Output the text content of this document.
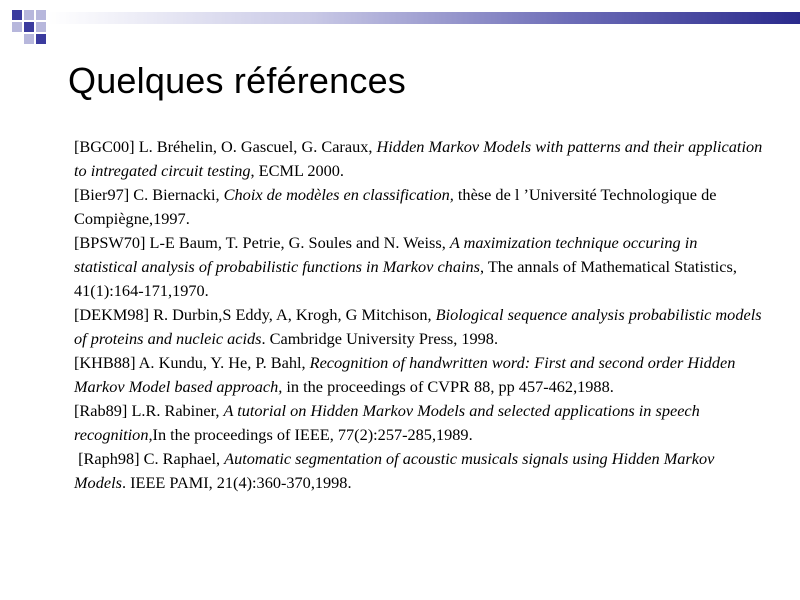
Quelques références

[BGC00] L. Bréhelin, O. Gascuel, G. Caraux, Hidden Markov Models with patterns and their application to intregated circuit testing, ECML 2000.

[Bier97] C. Biernacki, Choix de modèles en classification, thèse de l ’Université Technologique de Compiègne,1997.

[BPSW70] L-E Baum, T. Petrie, G. Soules and N. Weiss, A maximization technique occuring in statistical analysis of probabilistic functions in Markov chains, The annals of Mathematical Statistics, 41(1):164-171,1970.

[DEKM98] R. Durbin,S Eddy, A, Krogh, G Mitchison, Biological sequence analysis probabilistic models of proteins and nucleic acids. Cambridge University Press, 1998.

[KHB88] A. Kundu, Y. He, P. Bahl, Recognition of handwritten word: First and second order Hidden Markov Model based approach, in the proceedings of CVPR 88, pp 457-462,1988.

[Rab89] L.R. Rabiner, A tutorial on Hidden Markov Models and selected applications in speech recognition,In the proceedings of IEEE, 77(2):257-285,1989.

[Raph98] C. Raphael, Automatic segmentation of acoustic musicals signals using Hidden Markov Models. IEEE PAMI, 21(4):360-370,1998.
